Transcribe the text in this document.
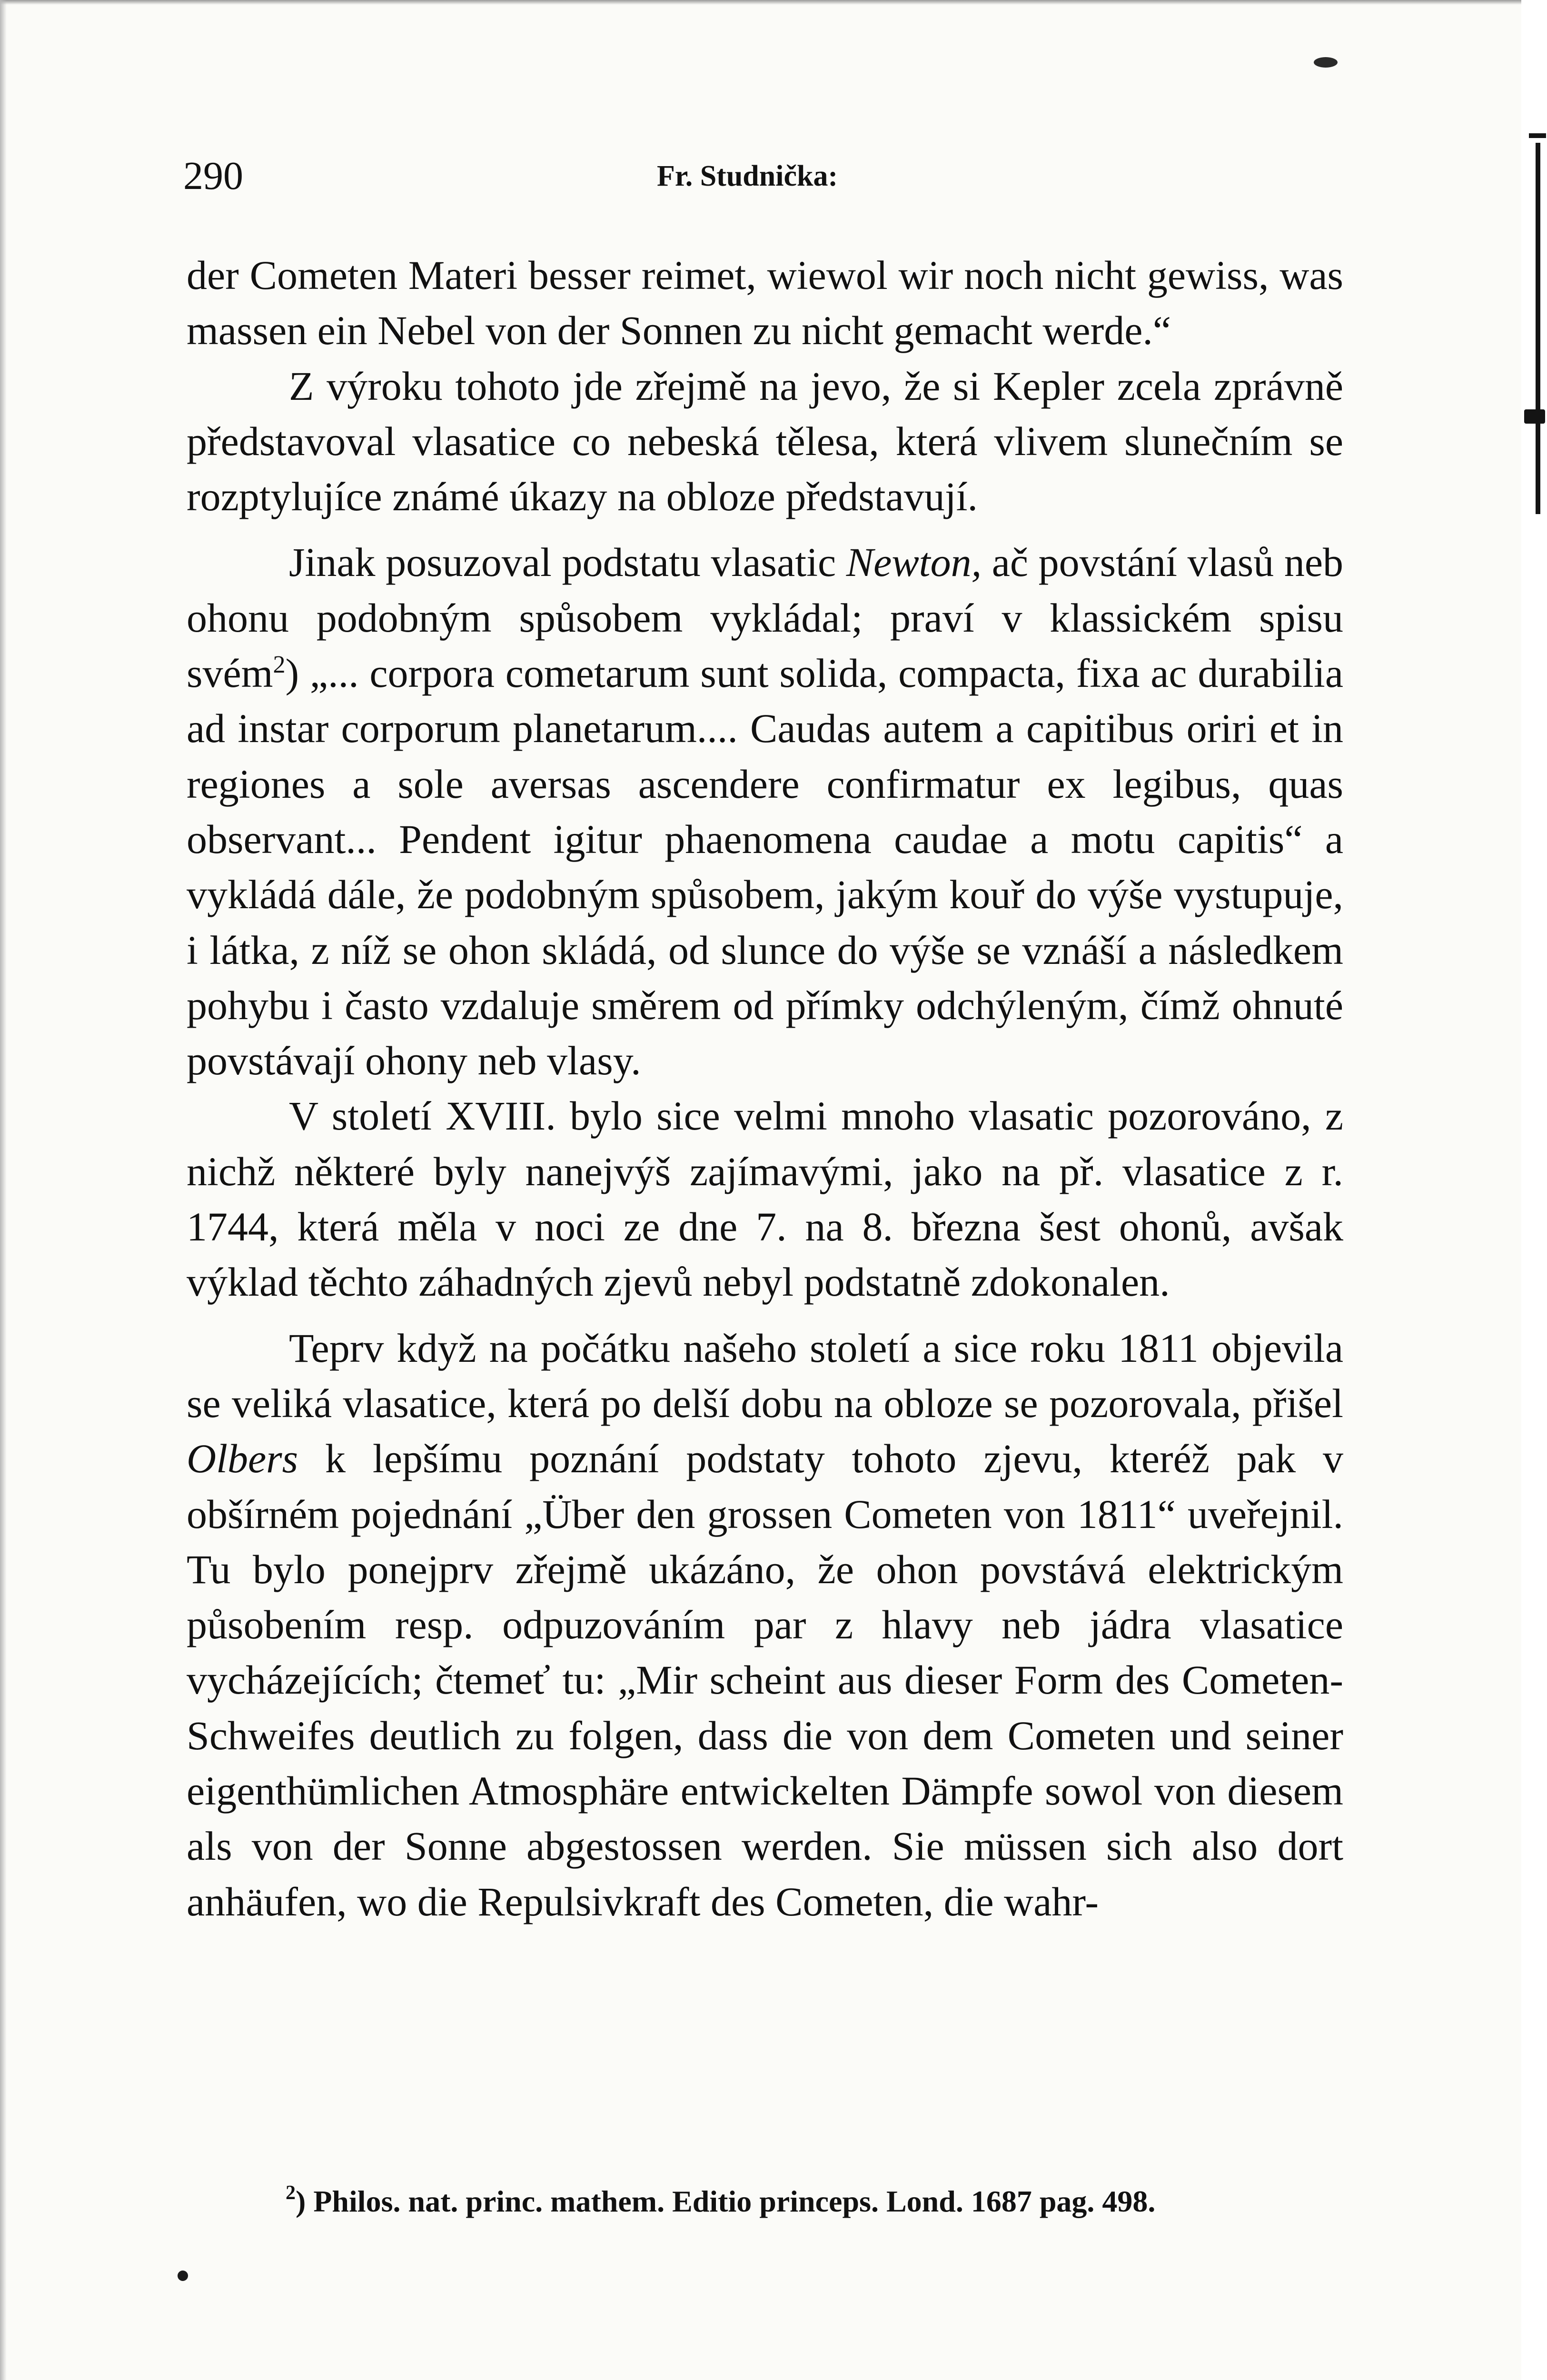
290	Fr. Studnička:

der Cometen Materi besser reimet, wiewol wir noch nicht gewiss, was massen ein Nebel von der Sonnen zu nicht gemacht werde.“

Z výroku tohoto jde zřejmě na jevo, že si Kepler zcela zprávně představoval vlasatice co nebeská tělesa, která vlivem slunečním se rozptylujíce známé úkazy na obloze představují.

Jinak posuzoval podstatu vlasatic Newton, ač povstání vlasů neb ohonu podobným spůsobem vykládal; praví v klassickém spisu svém$^2$) „... corpora cometarum sunt solida, compacta, fixa ac durabilia ad instar corporum planetarum.... Caudas autem a capitibus oriri et in regiones a sole aversas ascendere confirmatur ex legibus, quas observant... Pendent igitur phaenomena caudae a motu capitis“ a vykládá dále, že podobným spůsobem, jakým kouř do výše vystupuje, i látka, z níž se ohon skládá, od slunce do výše se vznáší a následkem pohybu i často vzdaluje směrem od přímky odchýleným, čímž ohnuté povstávají ohony neb vlasy.

V století XVIII. bylo sice velmi mnoho vlasatic pozorováno, z nichž některé byly nanejvýš zajímavými, jako na př. vlasatice z r. 1744, která měla v noci ze dne 7. na 8. března šest ohonů, avšak výklad těchto záhadných zjevů nebyl podstatně zdokonalen.

Teprv když na počátku našeho století a sice roku 1811 objevila se veliká vlasatice, která po delší dobu na obloze se pozorovala, přišel Olbers k lepšímu poznání podstaty tohoto zjevu, kteréž pak v obšírném pojednání „Über den grossen Cometen von 1811“ uveřejnil. Tu bylo ponejprv zřejmě ukázáno, že ohon povstává elektrickým působením resp. odpuzováním par z hlavy neb jádra vlasatice vycházejících; čtemeť tu: „Mir scheint aus dieser Form des Cometen-Schweifes deutlich zu folgen, dass die von dem Cometen und seiner eigenthümlichen Atmosphäre entwickelten Dämpfe sowol von diesem als von der Sonne abgestossen werden. Sie müssen sich also dort anhäufen, wo die Repulsivkraft des Cometen, die wahr-

$^2$) Philos. nat. princ. mathem. Editio princeps. Lond. 1687 pag. 498.
